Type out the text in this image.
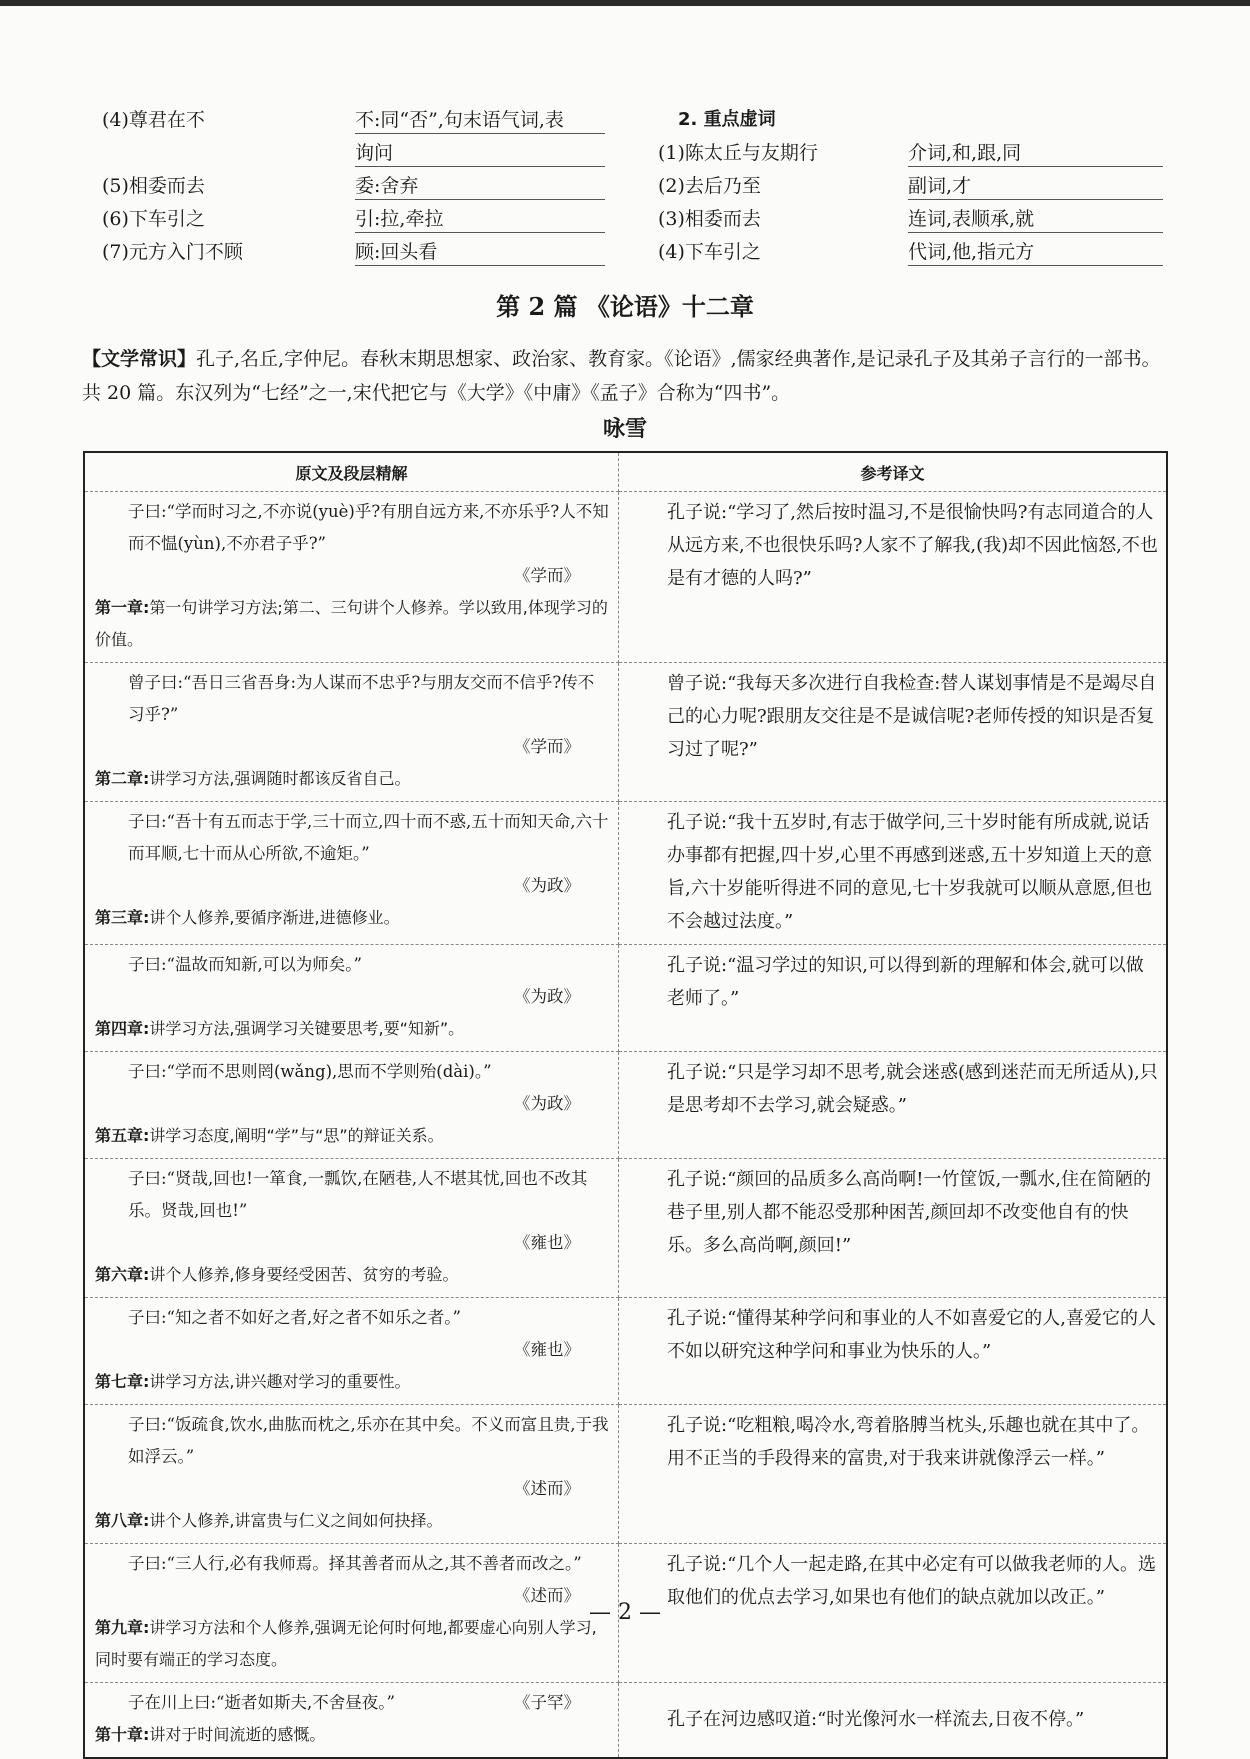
(4)尊君在不	不:同“否”,句末语气词,表
询问
(5)相委而去	委:舍弃
(6)下车引之	引:拉,牵拉
(7)元方入门不顾	顾:回头看
2. 重点虚词
(1)陈太丘与友期行	介词,和,跟,同
(2)去后乃至	副词,才
(3)相委而去	连词,表顺承,就
(4)下车引之	代词,他,指元方
第 2 篇 《论语》十二章
【文学常识】孔子,名丘,字仲尼。春秋末期思想家、政治家、教育家。《论语》,儒家经典著作,是记录孔子及其弟子言行的一部书。共 20 篇。东汉列为“七经”之一,宋代把它与《大学》《中庸》《孟子》合称为“四书”。
咏雪
原文及段层精解	参考译文

子曰:“学而时习之,不亦说(yuè)乎?有朋自远方来,不亦乐乎?人不知而不愠(yùn),不亦君子乎?”
《学而》
第一章:第一句讲学习方法;第二、三句讲个人修养。学以致用,体现学习的价值。	孔子说:“学习了,然后按时温习,不是很愉快吗?有志同道合的人从远方来,不也很快乐吗?人家不了解我,(我)却不因此恼怒,不也是有才德的人吗?”

曾子曰:“吾日三省吾身:为人谋而不忠乎?与朋友交而不信乎?传不习乎?”
《学而》
第二章:讲学习方法,强调随时都该反省自己。	曾子说:“我每天多次进行自我检查:替人谋划事情是不是竭尽自己的心力呢?跟朋友交往是不是诚信呢?老师传授的知识是否复习过了呢?”

子曰:“吾十有五而志于学,三十而立,四十而不惑,五十而知天命,六十而耳顺,七十而从心所欲,不逾矩。”
《为政》
第三章:讲个人修养,要循序渐进,进德修业。	孔子说:“我十五岁时,有志于做学问,三十岁时能有所成就,说话办事都有把握,四十岁,心里不再感到迷惑,五十岁知道上天的意旨,六十岁能听得进不同的意见,七十岁我就可以顺从意愿,但也不会越过法度。”

子曰:“温故而知新,可以为师矣。”
《为政》
第四章:讲学习方法,强调学习关键要思考,要“知新”。	孔子说:“温习学过的知识,可以得到新的理解和体会,就可以做老师了。”

子曰:“学而不思则罔(wǎng),思而不学则殆(dài)。”
《为政》
第五章:讲学习态度,阐明“学”与“思”的辩证关系。	孔子说:“只是学习却不思考,就会迷惑(感到迷茫而无所适从),只是思考却不去学习,就会疑惑。”

子曰:“贤哉,回也!一箪食,一瓢饮,在陋巷,人不堪其忧,回也不改其乐。贤哉,回也!”
《雍也》
第六章:讲个人修养,修身要经受困苦、贫穷的考验。	孔子说:“颜回的品质多么高尚啊!一竹筐饭,一瓢水,住在简陋的巷子里,别人都不能忍受那种困苦,颜回却不改变他自有的快乐。多么高尚啊,颜回!”

子曰:“知之者不如好之者,好之者不如乐之者。”
《雍也》
第七章:讲学习方法,讲兴趣对学习的重要性。	孔子说:“懂得某种学问和事业的人不如喜爱它的人,喜爱它的人不如以研究这种学问和事业为快乐的人。”

子曰:“饭疏食,饮水,曲肱而枕之,乐亦在其中矣。不义而富且贵,于我如浮云。”
《述而》
第八章:讲个人修养,讲富贵与仁义之间如何抉择。	孔子说:“吃粗粮,喝冷水,弯着胳膊当枕头,乐趣也就在其中了。用不正当的手段得来的富贵,对于我来讲就像浮云一样。”

子曰:“三人行,必有我师焉。择其善者而从之,其不善者而改之。”
《述而》
第九章:讲学习方法和个人修养,强调无论何时何地,都要虚心向别人学习,同时要有端正的学习态度。	孔子说:“几个人一起走路,在其中必定有可以做我老师的人。选取他们的优点去学习,如果也有他们的缺点就加以改正。”

子在川上曰:“逝者如斯夫,不舍昼夜。” 《子罕》
第十章:讲对于时间流逝的感慨。	孔子在河边感叹道:“时光像河水一样流去,日夜不停。”
— 2 —
